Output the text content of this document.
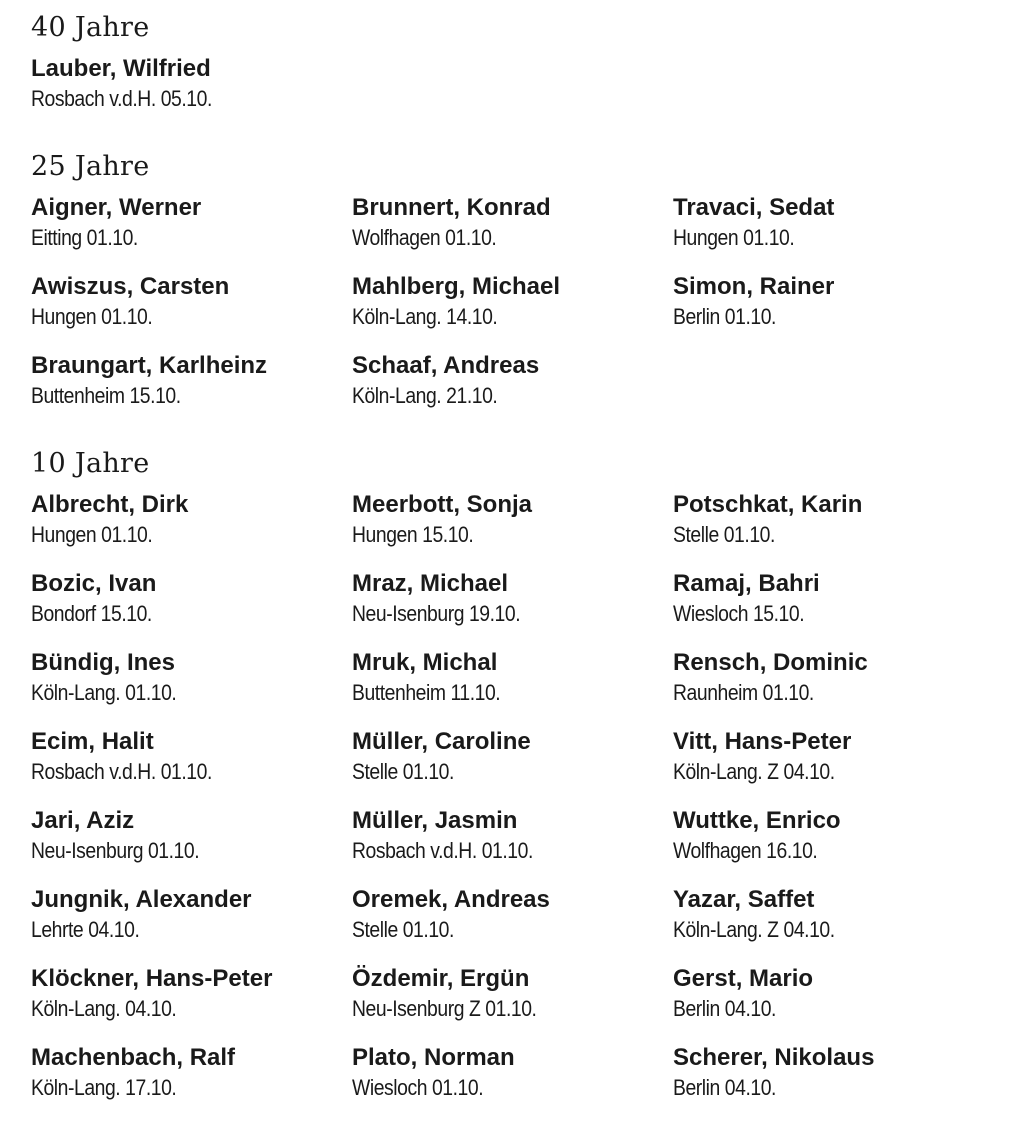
40 Jahre
Lauber, Wilfried
Rosbach v.d.H. 05.10.
25 Jahre
Aigner, Werner
Eitting 01.10.
Brunnert, Konrad
Wolfhagen 01.10.
Travaci, Sedat
Hungen 01.10.
Awiszus, Carsten
Hungen 01.10.
Mahlberg, Michael
Köln-Lang. 14.10.
Simon, Rainer
Berlin 01.10.
Braungart, Karlheinz
Buttenheim 15.10.
Schaaf, Andreas
Köln-Lang. 21.10.
10 Jahre
Albrecht, Dirk
Hungen 01.10.
Meerbott, Sonja
Hungen 15.10.
Potschkat, Karin
Stelle 01.10.
Bozic, Ivan
Bondorf 15.10.
Mraz, Michael
Neu-Isenburg 19.10.
Ramaj, Bahri
Wiesloch 15.10.
Bündig, Ines
Köln-Lang. 01.10.
Mruk, Michal
Buttenheim 11.10.
Rensch, Dominic
Raunheim 01.10.
Ecim, Halit
Rosbach v.d.H. 01.10.
Müller, Caroline
Stelle 01.10.
Vitt, Hans-Peter
Köln-Lang. Z 04.10.
Jari, Aziz
Neu-Isenburg 01.10.
Müller, Jasmin
Rosbach v.d.H. 01.10.
Wuttke, Enrico
Wolfhagen 16.10.
Jungnik, Alexander
Lehrte 04.10.
Oremek, Andreas
Stelle 01.10.
Yazar, Saffet
Köln-Lang. Z 04.10.
Klöckner, Hans-Peter
Köln-Lang. 04.10.
Özdemir, Ergün
Neu-Isenburg Z 01.10.
Gerst, Mario
Berlin 04.10.
Machenbach, Ralf
Köln-Lang. 17.10.
Plato, Norman
Wiesloch 01.10.
Scherer, Nikolaus
Berlin 04.10.
